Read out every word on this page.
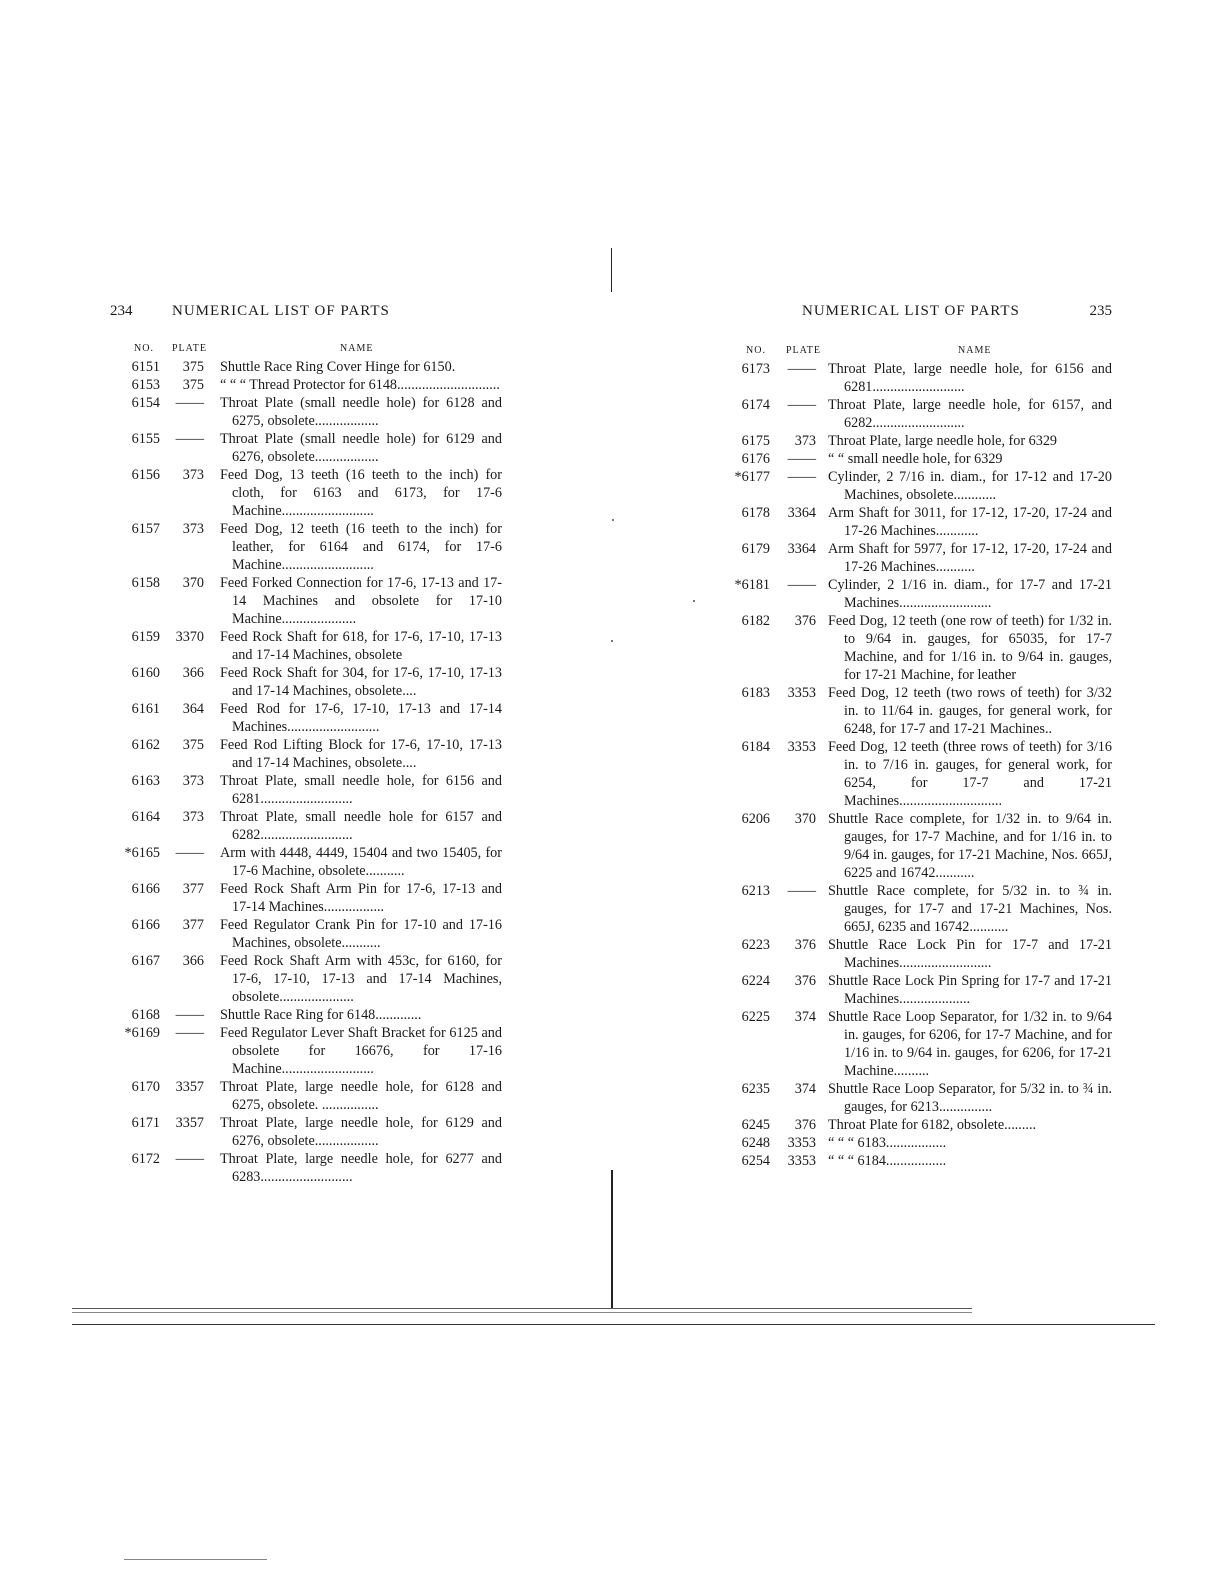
234	NUMERICAL LIST OF PARTS
NO. PLATE	NAME
6151	375 Shuttle Race Ring Cover Hinge for 6150.
6153	375 “ “ “ Thread Protector for 6148.............................
6154	—— Throat Plate (small needle hole) for 6128 and 6275, obsolete..................
6155	—— Throat Plate (small needle hole) for 6129 and 6276, obsolete..................
6156	373 Feed Dog, 13 teeth (16 teeth to the inch) for cloth, for 6163 and 6173, for 17-6 Machine..........................
6157	373 Feed Dog, 12 teeth (16 teeth to the inch) for leather, for 6164 and 6174, for 17-6 Machine..........................
6158	370 Feed Forked Connection for 17-6, 17-13 and 17-14 Machines and obsolete for 17-10 Machine.....................
6159	3370 Feed Rock Shaft for 618, for 17-6, 17-10, 17-13 and 17-14 Machines, obsolete
6160	366 Feed Rock Shaft for 304, for 17-6, 17-10, 17-13 and 17-14 Machines, obsolete....
6161	364 Feed Rod for 17-6, 17-10, 17-13 and 17-14 Machines..........................
6162	375 Feed Rod Lifting Block for 17-6, 17-10, 17-13 and 17-14 Machines, obsolete....
6163	373 Throat Plate, small needle hole, for 6156 and 6281..........................
6164	373 Throat Plate, small needle hole for 6157 and 6282..........................
*6165	—— Arm with 4448, 4449, 15404 and two 15405, for 17-6 Machine, obsolete...........
6166	377 Feed Rock Shaft Arm Pin for 17-6, 17-13 and 17-14 Machines.................
6166	377 Feed Regulator Crank Pin for 17-10 and 17-16 Machines, obsolete...........
6167	366 Feed Rock Shaft Arm with 453c, for 6160, for 17-6, 17-10, 17-13 and 17-14 Machines, obsolete.....................
6168	—— Shuttle Race Ring for 6148.............
*6169	—— Feed Regulator Lever Shaft Bracket for 6125 and obsolete for 16676, for 17-16 Machine..........................
6170	3357 Throat Plate, large needle hole, for 6128 and 6275, obsolete. ................
6171	3357 Throat Plate, large needle hole, for 6129 and 6276, obsolete..................
6172	—— Throat Plate, large needle hole, for 6277 and 6283..........................
NUMERICAL LIST OF PARTS	235
NO. PLATE	NAME
6173	—— Throat Plate, large needle hole, for 6156 and 6281..........................
6174	—— Throat Plate, large needle hole, for 6157, and 6282..........................
6175	373 Throat Plate, large needle hole, for 6329
6176	—— “ “ small needle hole, for 6329
*6177	—— Cylinder, 2 7/16 in. diam., for 17-12 and 17-20 Machines, obsolete............
6178	3364 Arm Shaft for 3011, for 17-12, 17-20, 17-24 and 17-26 Machines............
6179	3364 Arm Shaft for 5977, for 17-12, 17-20, 17-24 and 17-26 Machines...........
*6181	—— Cylinder, 2 1/16 in. diam., for 17-7 and 17-21 Machines..........................
6182	376 Feed Dog, 12 teeth (one row of teeth) for 1/32 in. to 9/64 in. gauges, for 65035, for 17-7 Machine, and for 1/16 in. to 9/64 in. gauges, for 17-21 Machine, for leather
6183	3353 Feed Dog, 12 teeth (two rows of teeth) for 3/32 in. to 11/64 in. gauges, for general work, for 6248, for 17-7 and 17-21 Machines..
6184	3353 Feed Dog, 12 teeth (three rows of teeth) for 3/16 in. to 7/16 in. gauges, for general work, for 6254, for 17-7 and 17-21 Machines.............................
6206	370 Shuttle Race complete, for 1/32 in. to 9/64 in. gauges, for 17-7 Machine, and for 1/16 in. to 9/64 in. gauges, for 17-21 Machine, Nos. 665J, 6225 and 16742...........
6213	—— Shuttle Race complete, for 5/32 in. to ¾ in. gauges, for 17-7 and 17-21 Machines, Nos. 665J, 6235 and 16742...........
6223	376 Shuttle Race Lock Pin for 17-7 and 17-21 Machines..........................
6224	376 Shuttle Race Lock Pin Spring for 17-7 and 17-21 Machines....................
6225	374 Shuttle Race Loop Separator, for 1/32 in. to 9/64 in. gauges, for 6206, for 17-7 Machine, and for 1/16 in. to 9/64 in. gauges, for 6206, for 17-21 Machine..........
6235	374 Shuttle Race Loop Separator, for 5/32 in. to ¾ in. gauges, for 6213...............
6245	376 Throat Plate for 6182, obsolete.........
6248	3353 “ “ “ 6183.................
6254	3353 “ “ “ 6184.................
